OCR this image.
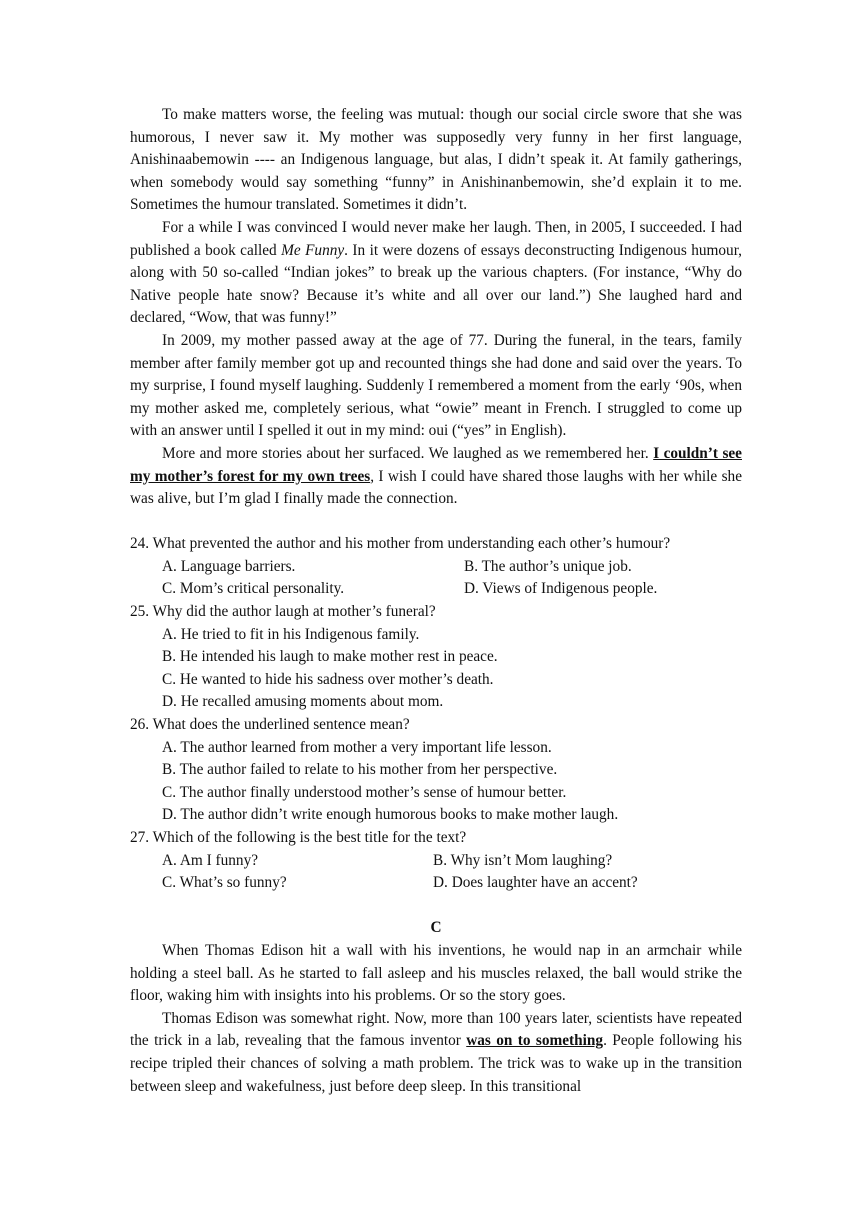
To make matters worse, the feeling was mutual: though our social circle swore that she was humorous, I never saw it. My mother was supposedly very funny in her first language, Anishinaabemowin ---- an Indigenous language, but alas, I didn’t speak it. At family gatherings, when somebody would say something “funny” in Anishinanbemowin, she’d explain it to me. Sometimes the humour translated. Sometimes it didn’t.

For a while I was convinced I would never make her laugh. Then, in 2005, I succeeded. I had published a book called Me Funny. In it were dozens of essays deconstructing Indigenous humour, along with 50 so-called “Indian jokes” to break up the various chapters. (For instance, “Why do Native people hate snow? Because it’s white and all over our land.”) She laughed hard and declared, “Wow, that was funny!”

In 2009, my mother passed away at the age of 77. During the funeral, in the tears, family member after family member got up and recounted things she had done and said over the years. To my surprise, I found myself laughing. Suddenly I remembered a moment from the early ‘90s, when my mother asked me, completely serious, what “owie” meant in French. I struggled to come up with an answer until I spelled it out in my mind: oui (“yes” in English).

More and more stories about her surfaced. We laughed as we remembered her. I couldn’t see my mother’s forest for my own trees, I wish I could have shared those laughs with her while she was alive, but I’m glad I finally made the connection.

24. What prevented the author and his mother from understanding each other’s humour?
A. Language barriers.	B. The author’s unique job.
C. Mom’s critical personality.	D. Views of Indigenous people.
25. Why did the author laugh at mother’s funeral?
A. He tried to fit in his Indigenous family.
B. He intended his laugh to make mother rest in peace.
C. He wanted to hide his sadness over mother’s death.
D. He recalled amusing moments about mom.
26. What does the underlined sentence mean?
A. The author learned from mother a very important life lesson.
B. The author failed to relate to his mother from her perspective.
C. The author finally understood mother’s sense of humour better.
D. The author didn’t write enough humorous books to make mother laugh.
27. Which of the following is the best title for the text?
A. Am I funny?	B. Why isn’t Mom laughing?
C. What’s so funny?	D. Does laughter have an accent?
C

When Thomas Edison hit a wall with his inventions, he would nap in an armchair while holding a steel ball. As he started to fall asleep and his muscles relaxed, the ball would strike the floor, waking him with insights into his problems. Or so the story goes.

Thomas Edison was somewhat right. Now, more than 100 years later, scientists have repeated the trick in a lab, revealing that the famous inventor was on to something. People following his recipe tripled their chances of solving a math problem. The trick was to wake up in the transition between sleep and wakefulness, just before deep sleep. In this transitional
